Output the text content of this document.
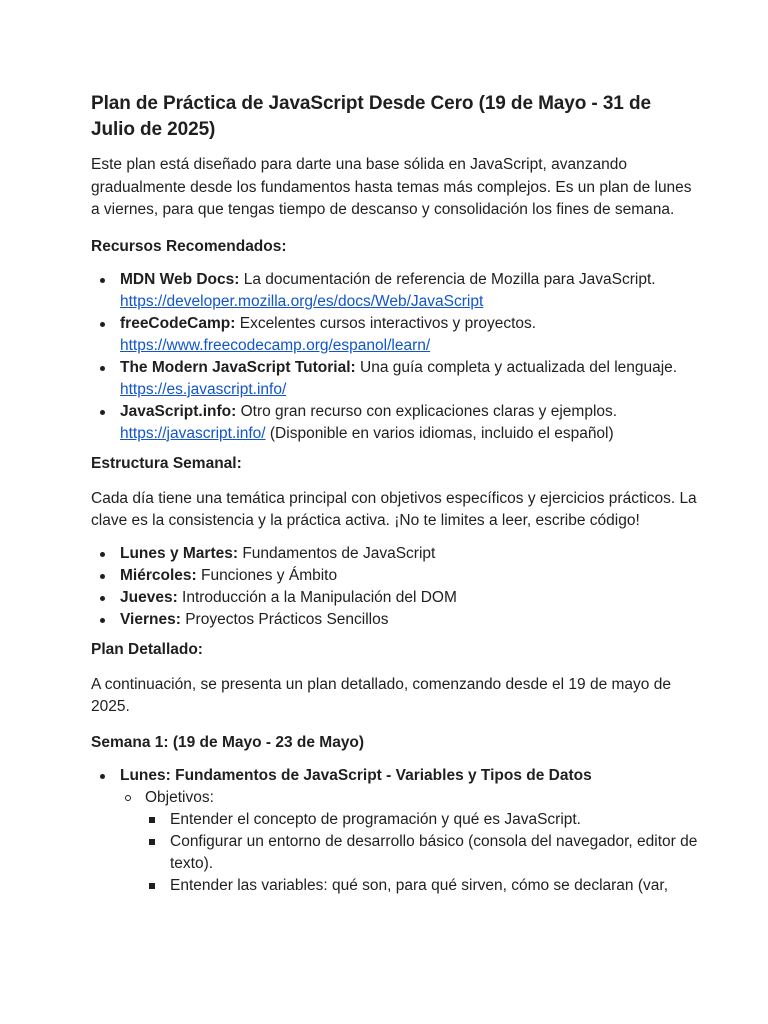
Plan de Práctica de JavaScript Desde Cero (19 de Mayo - 31 de Julio de 2025)

Este plan está diseñado para darte una base sólida en JavaScript, avanzando gradualmente desde los fundamentos hasta temas más complejos. Es un plan de lunes a viernes, para que tengas tiempo de descanso y consolidación los fines de semana.

Recursos Recomendados:
MDN Web Docs: La documentación de referencia de Mozilla para JavaScript.
https://developer.mozilla.org/es/docs/Web/JavaScript
freeCodeCamp: Excelentes cursos interactivos y proyectos.
https://www.freecodecamp.org/espanol/learn/
The Modern JavaScript Tutorial: Una guía completa y actualizada del lenguaje.
https://es.javascript.info/
JavaScript.info: Otro gran recurso con explicaciones claras y ejemplos.
https://javascript.info/ (Disponible en varios idiomas, incluido el español)
Estructura Semanal:

Cada día tiene una temática principal con objetivos específicos y ejercicios prácticos. La clave es la consistencia y la práctica activa. ¡No te limites a leer, escribe código!

Lunes y Martes: Fundamentos de JavaScript
Miércoles: Funciones y Ámbito
Jueves: Introducción a la Manipulación del DOM
Viernes: Proyectos Prácticos Sencillos
Plan Detallado:

A continuación, se presenta un plan detallado, comenzando desde el 19 de mayo de 2025.

Semana 1: (19 de Mayo - 23 de Mayo)
Lunes: Fundamentos de JavaScript - Variables y Tipos de Datos
Objetivos:
Entender el concepto de programación y qué es JavaScript.
Configurar un entorno de desarrollo básico (consola del navegador, editor de texto).
Entender las variables: qué son, para qué sirven, cómo se declaran (var,
